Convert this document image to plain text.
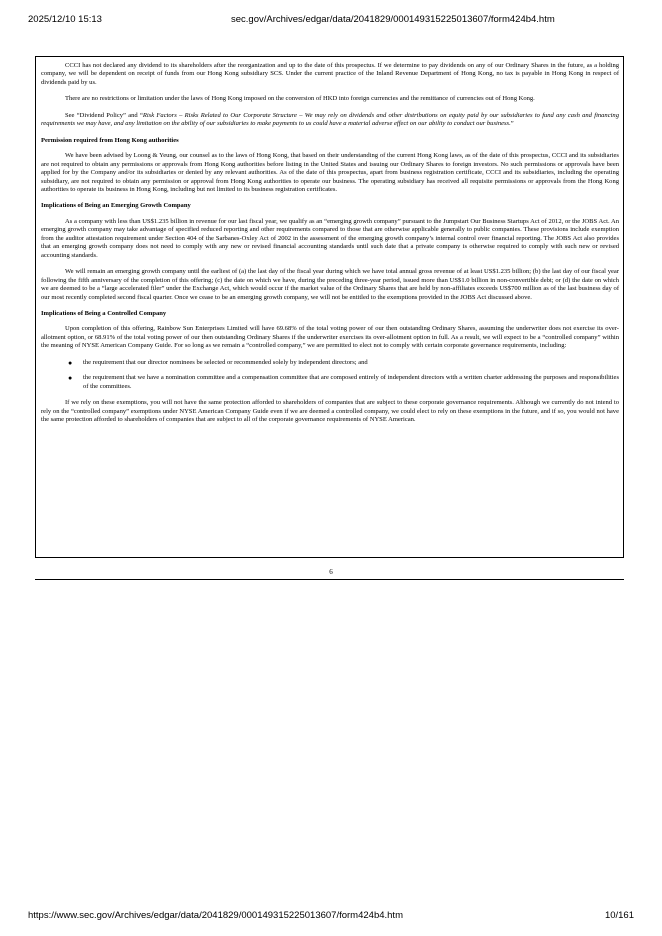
2025/12/10 15:13	sec.gov/Archives/edgar/data/2041829/000149315225013607/form424b4.htm

CCCI has not declared any dividend to its shareholders after the reorganization and up to the date of this prospectus. If we determine to pay dividends on any of our Ordinary Shares in the future, as a holding company, we will be dependent on receipt of funds from our Hong Kong subsidiary SCS. Under the current practice of the Inland Revenue Department of Hong Kong, no tax is payable in Hong Kong in respect of dividends paid by us.

There are no restrictions or limitation under the laws of Hong Kong imposed on the conversion of HKD into foreign currencies and the remittance of currencies out of Hong Kong.

See “Dividend Policy” and “Risk Factors – Risks Related to Our Corporate Structure – We may rely on dividends and other distributions on equity paid by our subsidiaries to fund any cash and financing requirements we may have, and any limitation on the ability of our subsidiaries to make payments to us could have a material adverse effect on our ability to conduct our business.”

Permission required from Hong Kong authorities

We have been advised by Loong & Yeung, our counsel as to the laws of Hong Kong, that based on their understanding of the current Hong Kong laws, as of the date of this prospectus, CCCI and its subsidiaries are not required to obtain any permissions or approvals from Hong Kong authorities before listing in the United States and issuing our Ordinary Shares to foreign investors. No such permissions or approvals have been applied for by the Company and/or its subsidiaries or denied by any relevant authorities. As of the date of this prospectus, apart from business registration certificate, CCCI and its subsidiaries, including the operating subsidiary, are not required to obtain any permission or approval from Hong Kong authorities to operate our business. The operating subsidiary has received all requisite permissions or approvals from the Hong Kong authorities to operate its business in Hong Kong, including but not limited to its business registration certificates.

Implications of Being an Emerging Growth Company

As a company with less than US$1.235 billion in revenue for our last fiscal year, we qualify as an “emerging growth company” pursuant to the Jumpstart Our Business Startups Act of 2012, or the JOBS Act. An emerging growth company may take advantage of specified reduced reporting and other requirements compared to those that are otherwise applicable generally to public companies. These provisions include exemption from the auditor attestation requirement under Section 404 of the Sarbanes-Oxley Act of 2002 in the assessment of the emerging growth company’s internal control over financial reporting. The JOBS Act also provides that an emerging growth company does not need to comply with any new or revised financial accounting standards until such date that a private company is otherwise required to comply with such new or revised accounting standards.

We will remain an emerging growth company until the earliest of (a) the last day of the fiscal year during which we have total annual gross revenue of at least US$1.235 billion; (b) the last day of our fiscal year following the fifth anniversary of the completion of this offering; (c) the date on which we have, during the preceding three-year period, issued more than US$1.0 billion in non-convertible debt; or (d) the date on which we are deemed to be a “large accelerated filer” under the Exchange Act, which would occur if the market value of the Ordinary Shares that are held by non-affiliates exceeds US$700 million as of the last business day of our most recently completed second fiscal quarter. Once we cease to be an emerging growth company, we will not be entitled to the exemptions provided in the JOBS Act discussed above.

Implications of Being a Controlled Company

Upon completion of this offering, Rainbow Sun Enterprises Limited will have 69.68% of the total voting power of our then outstanding Ordinary Shares, assuming the underwriter does not exercise its over-allotment option, or 68.91% of the total voting power of our then outstanding Ordinary Shares if the underwriter exercises its over-allotment option in full. As a result, we will expect to be a “controlled company” within the meaning of NYSE American Company Guide. For so long as we remain a “controlled company,” we are permitted to elect not to comply with certain corporate governance requirements, including:

● the requirement that our director nominees be selected or recommended solely by independent directors; and
● the requirement that we have a nomination committee and a compensation committee that are composed entirely of independent directors with a written charter addressing the purposes and responsibilities of the committees.

If we rely on these exemptions, you will not have the same protection afforded to shareholders of companies that are subject to these corporate governance requirements. Although we currently do not intend to rely on the “controlled company” exemptions under NYSE American Company Guide even if we are deemed a controlled company, we could elect to rely on these exemptions in the future, and if so, you would not have the same protection afforded to shareholders of companies that are subject to all of the corporate governance requirements of NYSE American.

6
https://www.sec.gov/Archives/edgar/data/2041829/000149315225013607/form424b4.htm	10/161
